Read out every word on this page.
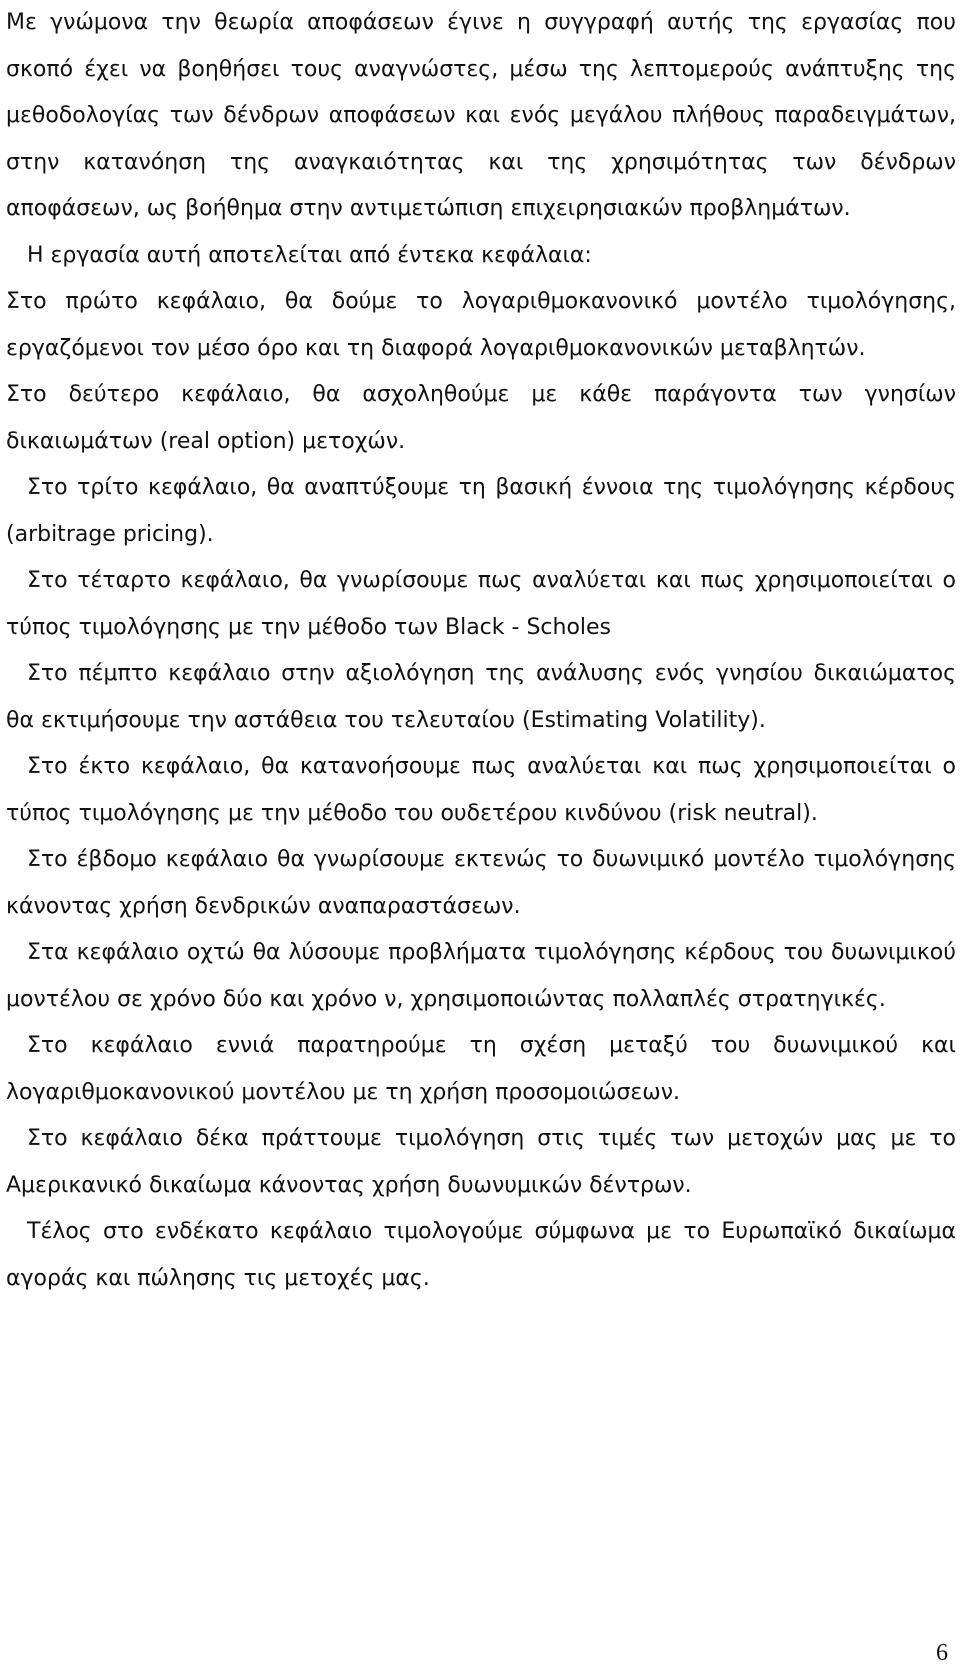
Με γνώμονα την θεωρία αποφάσεων έγινε η συγγραφή αυτής της εργασίας που σκοπό έχει να βοηθήσει τους αναγνώστες, μέσω της λεπτομερούς ανάπτυξης της μεθοδολογίας των δένδρων αποφάσεων και ενός μεγάλου πλήθους παραδειγμάτων, στην κατανόηση της αναγκαιότητας και της χρησιμότητας των δένδρων αποφάσεων, ως βοήθημα στην αντιμετώπιση επιχειρησιακών προβλημάτων.

Η εργασία αυτή αποτελείται από έντεκα κεφάλαια:

Στο πρώτο κεφάλαιο, θα δούμε το λογαριθμοκανονικό μοντέλο τιμολόγησης, εργαζόμενοι τον μέσο όρο και τη διαφορά λογαριθμοκανονικών μεταβλητών.

Στο δεύτερο κεφάλαιο, θα ασχοληθούμε με κάθε παράγοντα των γνησίων δικαιωμάτων (real option) μετοχών.

Στο τρίτο κεφάλαιο, θα αναπτύξουμε τη βασική έννοια της τιμολόγησης κέρδους (arbitrage pricing).

Στο τέταρτο κεφάλαιο, θα γνωρίσουμε πως αναλύεται και πως χρησιμοποιείται ο τύπος τιμολόγησης με την μέθοδο των Black - Scholes

Στο πέμπτο κεφάλαιο στην αξιολόγηση της ανάλυσης ενός γνησίου δικαιώματος θα εκτιμήσουμε την αστάθεια του τελευταίου (Estimating Volatility).

Στο έκτο κεφάλαιο, θα κατανοήσουμε πως αναλύεται και πως χρησιμοποιείται ο τύπος τιμολόγησης με την μέθοδο του ουδετέρου κινδύνου (risk neutral).

Στο έβδομο κεφάλαιο θα γνωρίσουμε εκτενώς το δυωνιμικό μοντέλο τιμολόγησης κάνοντας χρήση δενδρικών αναπαραστάσεων.

Στα κεφάλαιο οχτώ θα λύσουμε προβλήματα τιμολόγησης κέρδους του δυωνιμικού μοντέλου σε χρόνο δύο και χρόνο ν, χρησιμοποιώντας πολλαπλές στρατηγικές.

Στο κεφάλαιο εννιά παρατηρούμε τη σχέση μεταξύ του δυωνιμικού και λογαριθμοκανονικού μοντέλου με τη χρήση προσομοιώσεων.

Στο κεφάλαιο δέκα πράττουμε τιμολόγηση στις τιμές των μετοχών μας με το Αμερικανικό δικαίωμα κάνοντας χρήση δυωνυμικών δέντρων.

Τέλος στο ενδέκατο κεφάλαιο τιμολογούμε σύμφωνα με το Ευρωπαϊκό δικαίωμα αγοράς και πώλησης τις μετοχές μας.

6
